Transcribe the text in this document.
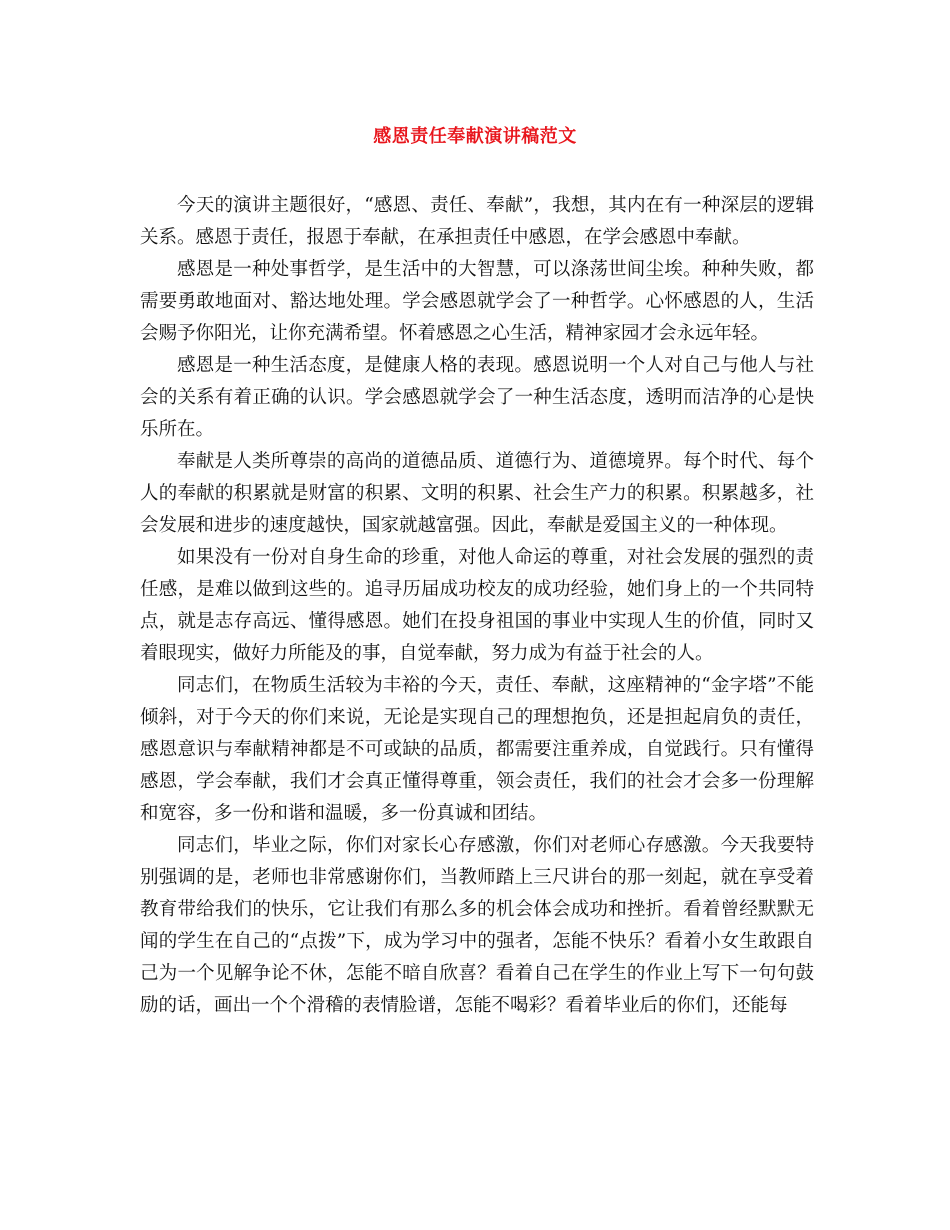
感恩责任奉献演讲稿范文

今天的演讲主题很好，“感恩、责任、奉献”，我想，其内在有一种深层的逻辑关系。感恩于责任，报恩于奉献，在承担责任中感恩，在学会感恩中奉献。

感恩是一种处事哲学，是生活中的大智慧，可以涤荡世间尘埃。种种失败，都需要勇敢地面对、豁达地处理。学会感恩就学会了一种哲学。心怀感恩的人，生活会赐予你阳光，让你充满希望。怀着感恩之心生活，精神家园才会永远年轻。

感恩是一种生活态度，是健康人格的表现。感恩说明一个人对自己与他人与社会的关系有着正确的认识。学会感恩就学会了一种生活态度，透明而洁净的心是快乐所在。

奉献是人类所尊崇的高尚的道德品质、道德行为、道德境界。每个时代、每个人的奉献的积累就是财富的积累、文明的积累、社会生产力的积累。积累越多，社会发展和进步的速度越快，国家就越富强。因此，奉献是爱国主义的一种体现。

如果没有一份对自身生命的珍重，对他人命运的尊重，对社会发展的强烈的责任感，是难以做到这些的。追寻历届成功校友的成功经验，她们身上的一个共同特点，就是志存高远、懂得感恩。她们在投身祖国的事业中实现人生的价值，同时又着眼现实，做好力所能及的事，自觉奉献，努力成为有益于社会的人。

同志们，在物质生活较为丰裕的今天，责任、奉献，这座精神的“金字塔”不能倾斜，对于今天的你们来说，无论是实现自己的理想抱负，还是担起肩负的责任，感恩意识与奉献精神都是不可或缺的品质，都需要注重养成，自觉践行。只有懂得感恩，学会奉献，我们才会真正懂得尊重，领会责任，我们的社会才会多一份理解和宽容，多一份和谐和温暖，多一份真诚和团结。

同志们，毕业之际，你们对家长心存感激，你们对老师心存感激。今天我要特别强调的是，老师也非常感谢你们，当教师踏上三尺讲台的那一刻起，就在享受着教育带给我们的快乐，它让我们有那么多的机会体会成功和挫折。看着曾经默默无闻的学生在自己的“点拨”下，成为学习中的强者，怎能不快乐？看着小女生敢跟自己为一个见解争论不休，怎能不暗自欣喜？看着自己在学生的作业上写下一句句鼓励的话，画出一个个滑稽的表情脸谱，怎能不喝彩？看着毕业后的你们，还能每
